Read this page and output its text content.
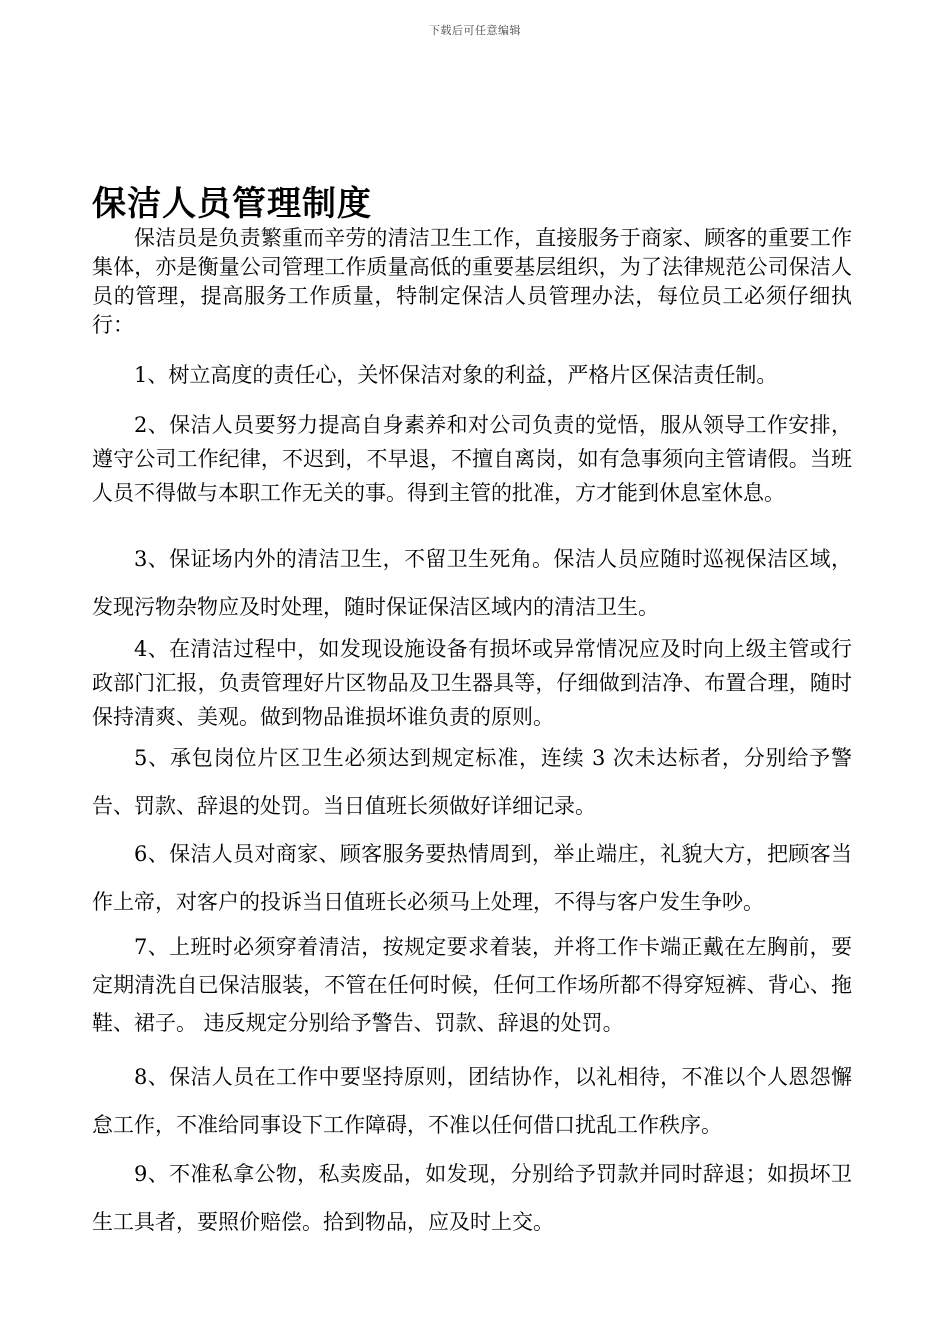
下载后可任意编辑
保洁人员管理制度

保洁员是负责繁重而辛劳的清洁卫生工作，直接服务于商家、顾客的重要工作集体，亦是衡量公司管理工作质量高低的重要基层组织，为了法律规范公司保洁人员的管理，提高服务工作质量，特制定保洁人员管理办法，每位员工必须仔细执行：

1、树立高度的责任心，关怀保洁对象的利益，严格片区保洁责任制。

2、保洁人员要努力提高自身素养和对公司负责的觉悟，服从领导工作安排，遵守公司工作纪律，不迟到，不早退，不擅自离岗，如有急事须向主管请假。当班人员不得做与本职工作无关的事。得到主管的批准，方才能到休息室休息。

3、保证场内外的清洁卫生，不留卫生死角。保洁人员应随时巡视保洁区域，发现污物杂物应及时处理，随时保证保洁区域内的清洁卫生。

4、在清洁过程中，如发现设施设备有损坏或异常情况应及时向上级主管或行政部门汇报，负责管理好片区物品及卫生器具等，仔细做到洁净、布置合理，随时保持清爽、美观。做到物品谁损坏谁负责的原则。

5、承包岗位片区卫生必须达到规定标准，连续 3 次未达标者，分别给予警告、罚款、辞退的处罚。当日值班长须做好详细记录。

6、保洁人员对商家、顾客服务要热情周到，举止端庄，礼貌大方，把顾客当作上帝，对客户的投诉当日值班长必须马上处理，不得与客户发生争吵。

7、上班时必须穿着清洁，按规定要求着装，并将工作卡端正戴在左胸前，要定期清洗自已保洁服装，不管在任何时候，任何工作场所都不得穿短裤、背心、拖鞋、裙子。 违反规定分别给予警告、罚款、辞退的处罚。

8、保洁人员在工作中要坚持原则，团结协作，以礼相待，不准以个人恩怨懈怠工作，不准给同事设下工作障碍，不准以任何借口扰乱工作秩序。

9、不准私拿公物，私卖废品，如发现，分别给予罚款并同时辞退；如损坏卫生工具者，要照价赔偿。拾到物品，应及时上交。
